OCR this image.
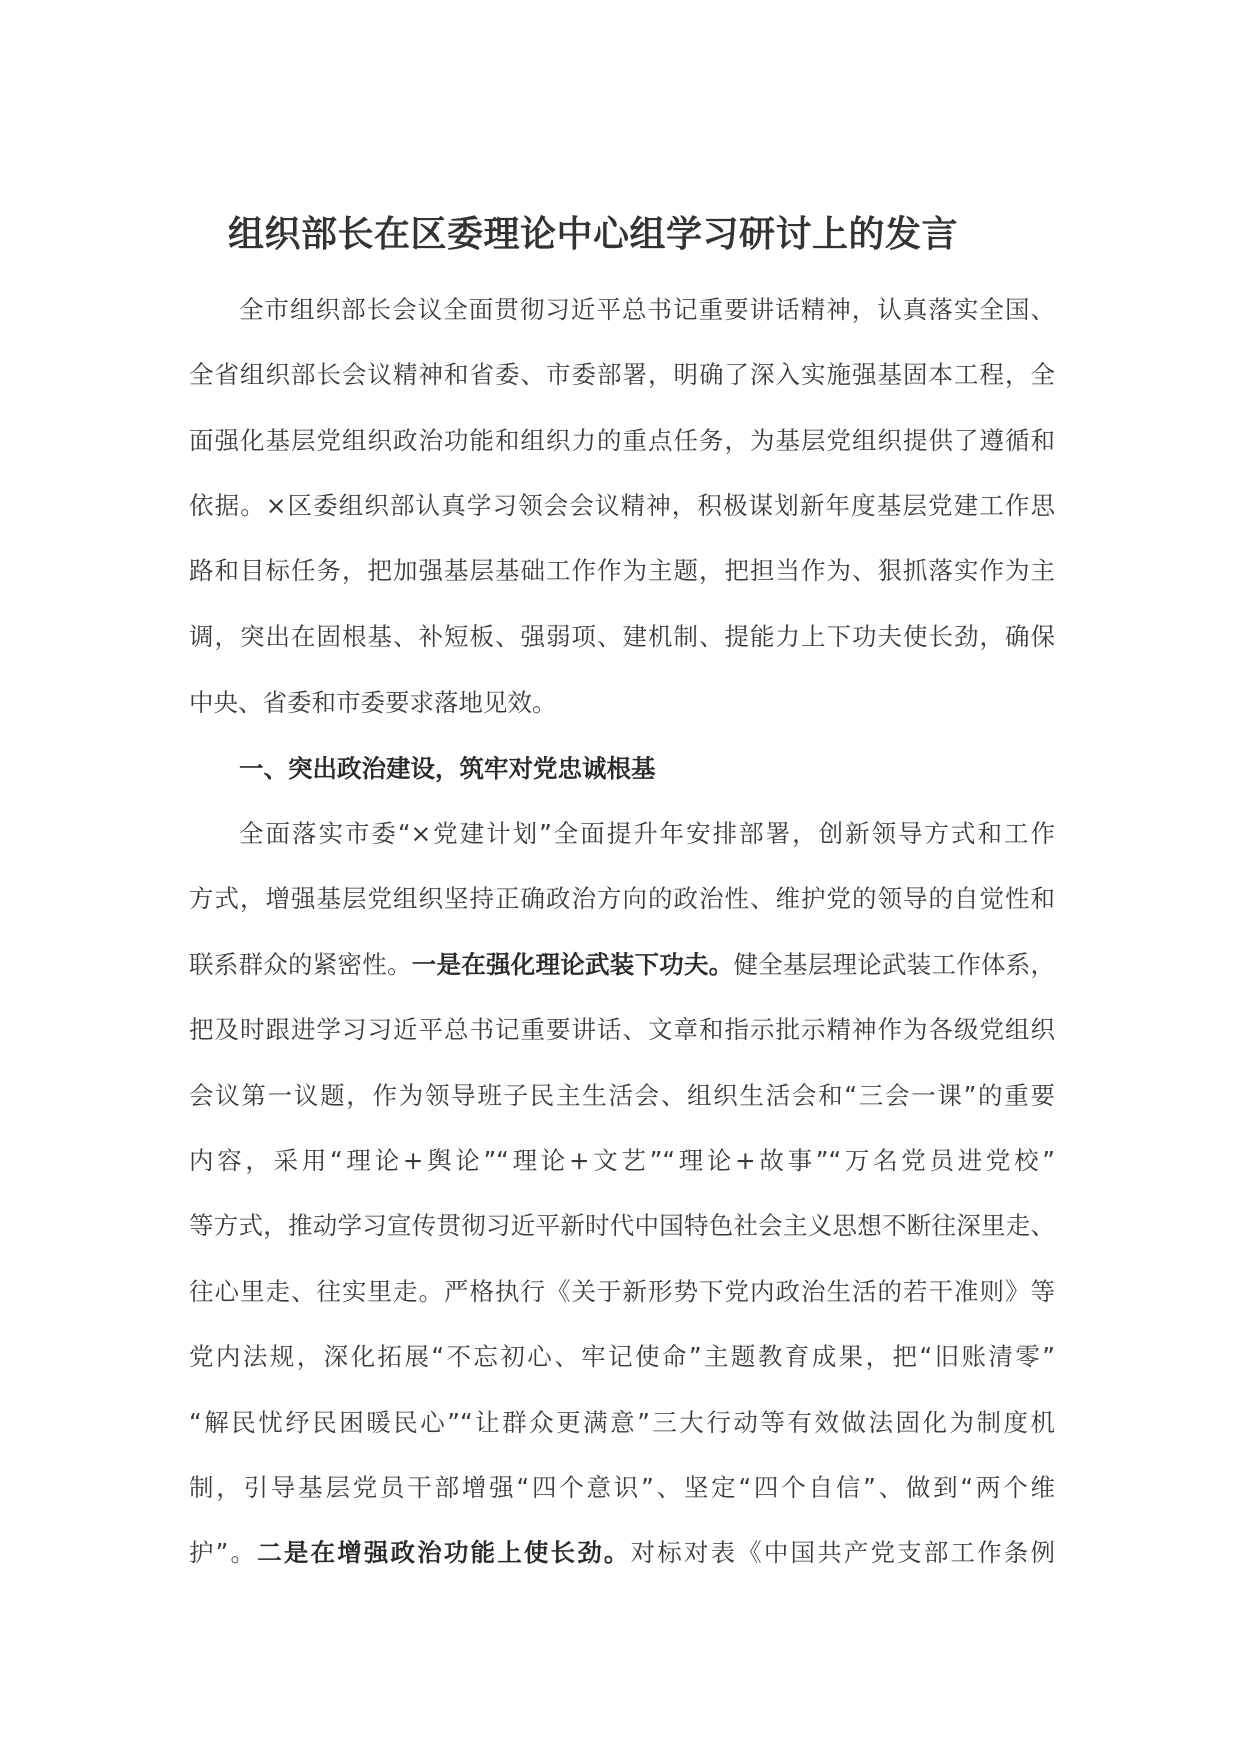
组织部长在区委理论中心组学习研讨上的发言
全市组织部长会议全面贯彻习近平总书记重要讲话精神，认真落实全国、
全省组织部长会议精神和省委、市委部署，明确了深入实施强基固本工程，全
面强化基层党组织政治功能和组织力的重点任务，为基层党组织提供了遵循和
依据。×区委组织部认真学习领会会议精神，积极谋划新年度基层党建工作思
路和目标任务，把加强基层基础工作作为主题，把担当作为、狠抓落实作为主
调，突出在固根基、补短板、强弱项、建机制、提能力上下功夫使长劲，确保
中央、省委和市委要求落地见效。
一、突出政治建设，筑牢对党忠诚根基
全面落实市委“×党建计划”全面提升年安排部署，创新领导方式和工作
方式，增强基层党组织坚持正确政治方向的政治性、维护党的领导的自觉性和
联系群众的紧密性。一是在强化理论武装下功夫。健全基层理论武装工作体系，
把及时跟进学习习近平总书记重要讲话、文章和指示批示精神作为各级党组织
会议第一议题，作为领导班子民主生活会、组织生活会和“三会一课”的重要
内容，采用“理论+舆论”“理论+文艺”“理论+故事”“万名党员进党校”
等方式，推动学习宣传贯彻习近平新时代中国特色社会主义思想不断往深里走、
往心里走、往实里走。严格执行《关于新形势下党内政治生活的若干准则》等
党内法规，深化拓展“不忘初心、牢记使命”主题教育成果，把“旧账清零”
“解民忧纾民困暖民心”“让群众更满意”三大行动等有效做法固化为制度机
制，引导基层党员干部增强“四个意识”、坚定“四个自信”、做到“两个维
护”。二是在增强政治功能上使长劲。对标对表《中国共产党支部工作条例
